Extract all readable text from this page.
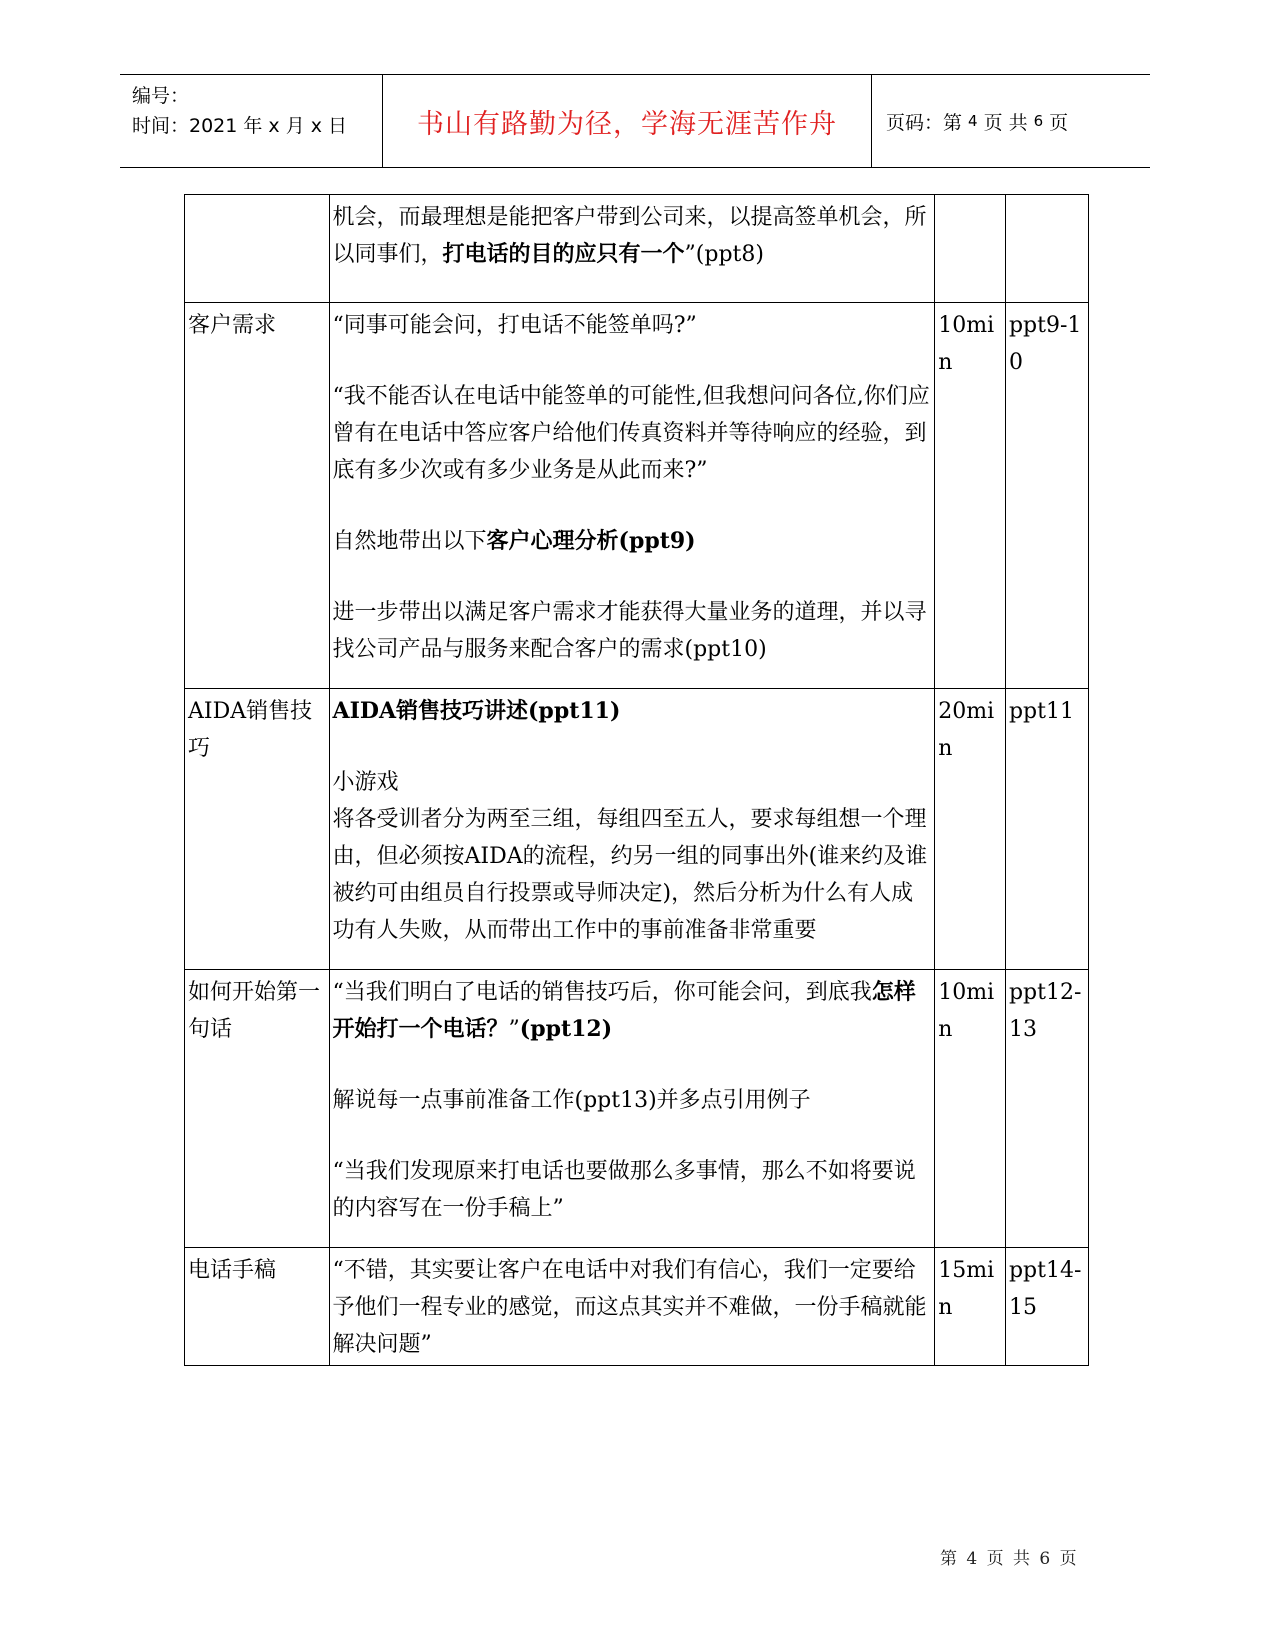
编号：
时间：2021 年 x 月 x 日	书山有路勤为径，学海无涯苦作舟	页码：第 4 页 共 6 页

	机会，而最理想是能把客户带到公司来，以提高签单机会，所以同事们，打电话的目的应只有一个”(ppt8)		

客户需求	“同事可能会问，打电话不能签单吗?”
“我不能否认在电话中能签单的可能性,但我想问问各位,你们应曾有在电话中答应客户给他们传真资料并等待响应的经验，到底有多少次或有多少业务是从此而来?”
自然地带出以下客户心理分析(ppt9)
进一步带出以满足客户需求才能获得大量业务的道理，并以寻找公司产品与服务来配合客户的需求(ppt10)	10min	ppt9-10
AIDA销售技巧	AIDA销售技巧讲述(ppt11)
小游戏
将各受训者分为两至三组，每组四至五人，要求每组想一个理由，但必须按AIDA的流程，约另一组的同事出外(谁来约及谁被约可由组员自行投票或导师决定)，然后分析为什么有人成功有人失败，从而带出工作中的事前准备非常重要	20min	ppt11
如何开始第一句话	“当我们明白了电话的销售技巧后，你可能会问，到底我怎样开始打一个电话？”(ppt12)
解说每一点事前准备工作(ppt13)并多点引用例子
“当我们发现原来打电话也要做那么多事情，那么不如将要说的内容写在一份手稿上”	10min	ppt12-13
电话手稿	“不错，其实要让客户在电话中对我们有信心，我们一定要给予他们一程专业的感觉，而这点其实并不难做，一份手稿就能解决问题”	15min	ppt14-15
第 4 页 共 6 页
